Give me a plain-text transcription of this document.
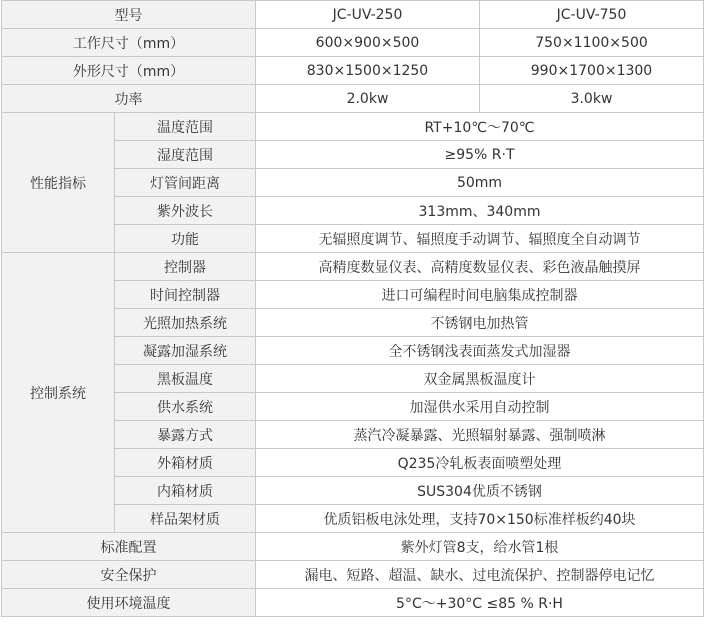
型号		JC-UV-250	JC-UV-750
工作尺寸（mm）		600×900×500	750×1100×500
外形尺寸（mm）		830×1500×1250	990×1700×1300
功率		2.0kw	3.0kw
性能指标	温度范围	RT+10℃～70℃	
	湿度范围	≥95% R·T	
	灯管间距离	50mm	
	紫外波长	313mm、340mm	
	功能	无辐照度调节、辐照度手动调节、辐照度全自动调节	
控制系统	控制器	高精度数显仪表、高精度数显仪表、彩色液晶触摸屏	
	时间控制器	进口可编程时间电脑集成控制器	
	光照加热系统	不锈钢电加热管	
	凝露加湿系统	全不锈钢浅表面蒸发式加湿器	
	黑板温度	双金属黑板温度计	
	供水系统	加湿供水采用自动控制	
	暴露方式	蒸汽冷凝暴露、光照辐射暴露、强制喷淋	
	外箱材质	Q235冷轧板表面喷塑处理	
	内箱材质	SUS304优质不锈钢	
	样品架材质	优质铝板电泳处理，支持70×150标准样板约40块	
标准配置		紫外灯管8支，给水管1根	
安全保护		漏电、短路、超温、缺水、过电流保护、控制器停电记忆	
使用环境温度		5°C～+30°C ≤85 % R·H	
